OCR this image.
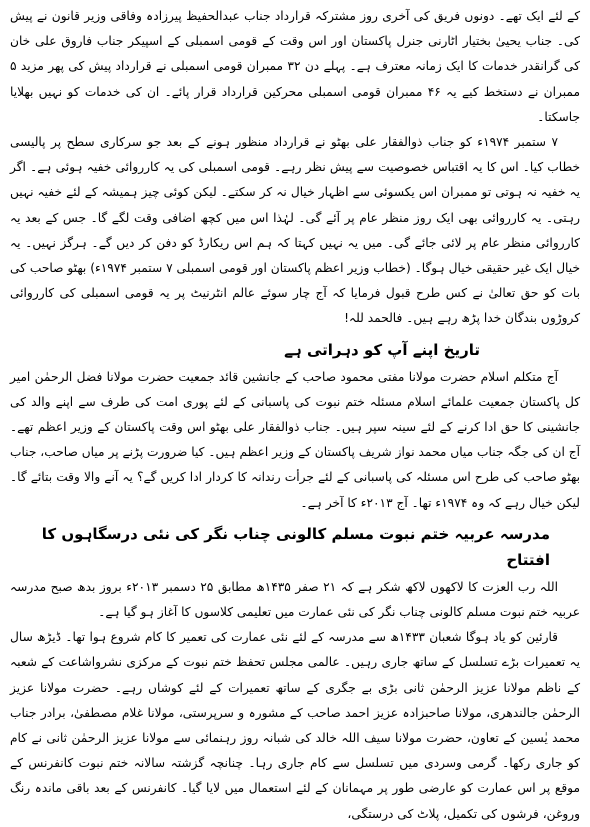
کے لئے ایک تھے۔ دونوں فریق کی آخری روز مشترکہ قرارداد جناب عبدالحفیظ پیرزادہ وفاقی وزیر قانون نے پیش کی۔ جناب یحییٰ بختیار اٹارنی جنرل پاکستان اور اس وقت کے قومی اسمبلی کے اسپیکر جناب فاروق علی خان کی گرانقدر خدمات کا ایک زمانہ معترف ہے۔ پہلے دن ۳۲ ممبران قومی اسمبلی نے قرارداد پیش کی پھر مزید ۵ ممبران نے دستخط کیے یہ ۴۶ ممبران قومی اسمبلی محرکین قرارداد قرار پائے۔ ان کی خدمات کو نہیں بھلایا جاسکتا۔

۷ ستمبر ۱۹۷۴ء کو جناب ذوالفقار علی بھٹو نے قرارداد منظور ہونے کے بعد جو سرکاری سطح پر پالیسی خطاب کیا۔ اس کا یہ اقتباس خصوصیت سے پیش نظر رہے۔ قومی اسمبلی کی یہ کارروائی خفیہ ہوئی ہے۔ اگر یہ خفیہ نہ ہوتی تو ممبران اس یکسوئی سے اظہار خیال نہ کر سکتے۔ لیکن کوئی چیز ہمیشہ کے لئے خفیہ نہیں رہتی۔ یہ کارروائی بھی ایک روز منظر عام پر آئے گی۔ لہٰذا اس میں کچھ اضافی وقت لگے گا۔ جس کے بعد یہ کارروائی منظر عام پر لائی جائے گی۔ میں یہ نہیں کہتا کہ ہم اس ریکارڈ کو دفن کر دیں گے۔ ہرگز نہیں۔ یہ خیال ایک غیر حقیقی خیال ہوگا۔ (خطاب وزیر اعظم پاکستان اور قومی اسمبلی ۷ ستمبر ۱۹۷۴ء) بھٹو صاحب کی بات کو حق تعالیٰ نے کس طرح قبول فرمایا کہ آج چار سوئے عالم انٹرنیٹ پر یہ قومی اسمبلی کی کارروائی کروڑوں بندگان خدا پڑھ رہے ہیں۔ فالحمد للہ!

تاریخ اپنے آپ کو دہراتی ہے

آج متکلم اسلام حضرت مولانا مفتی محمود صاحب کے جانشین قائد جمعیت حضرت مولانا فضل الرحمٰن امیر کل پاکستان جمعیت علمائے اسلام مسئلہ ختم نبوت کی پاسبانی کے لئے پوری امت کی طرف سے اپنے والد کی جانشینی کا حق ادا کرنے کے لئے سینہ سپر ہیں۔ جناب ذوالفقار علی بھٹو اس وقت پاکستان کے وزیر اعظم تھے۔ آج ان کی جگہ جناب میاں محمد نواز شریف پاکستان کے وزیر اعظم ہیں۔ کیا ضرورت پڑنے پر میاں صاحب، جناب بھٹو صاحب کی طرح اس مسئلہ کی پاسبانی کے لئے جرأت رندانہ کا کردار ادا کریں گے؟ یہ آنے والا وقت بتائے گا۔ لیکن خیال رہے کہ وہ ۱۹۷۴ء تھا۔ آج ۲۰۱۳ء کا آخر ہے۔

مدرسہ عربیہ ختم نبوت مسلم کالونی چناب نگر کی نئی درسگاہوں کا افتتاح

اللہ رب العزت کا لاکھوں لاکھ شکر ہے کہ ۲۱ صفر ۱۴۳۵ھ مطابق ۲۵ دسمبر ۲۰۱۳ء بروز بدھ صبح مدرسہ عربیہ ختم نبوت مسلم کالونی چناب نگر کی نئی عمارت میں تعلیمی کلاسوں کا آغاز ہو گیا ہے۔

قارئین کو یاد ہوگا شعبان ۱۴۳۳ھ سے مدرسہ کے لئے نئی عمارت کی تعمیر کا کام شروع ہوا تھا۔ ڈیڑھ سال یہ تعمیرات بڑے تسلسل کے ساتھ جاری رہیں۔ عالمی مجلس تحفظ ختم نبوت کے مرکزی نشرواشاعت کے شعبہ کے ناظم مولانا عزیز الرحمٰن ثانی بڑی بے جگری کے ساتھ تعمیرات کے لئے کوشاں رہے۔ حضرت مولانا عزیز الرحمٰن جالندھری، مولانا صاحبزادہ عزیز احمد صاحب کے مشورہ و سرپرستی، مولانا غلام مصطفیٰ، برادر جناب محمد یٰسین کے تعاون، حضرت مولانا سیف اللہ خالد کی شبانہ روز رہنمائی سے مولانا عزیز الرحمٰن ثانی نے کام کو جاری رکھا۔ گرمی وسردی میں تسلسل سے کام جاری رہا۔ چنانچہ گزشتہ سالانہ ختم نبوت کانفرنس کے موقع پر اس عمارت کو عارضی طور پر مہمانان کے لئے استعمال میں لایا گیا۔ کانفرنس کے بعد باقی ماندہ رنگ وروغن، فرشوں کی تکمیل، پلاٹ کی درستگی،
